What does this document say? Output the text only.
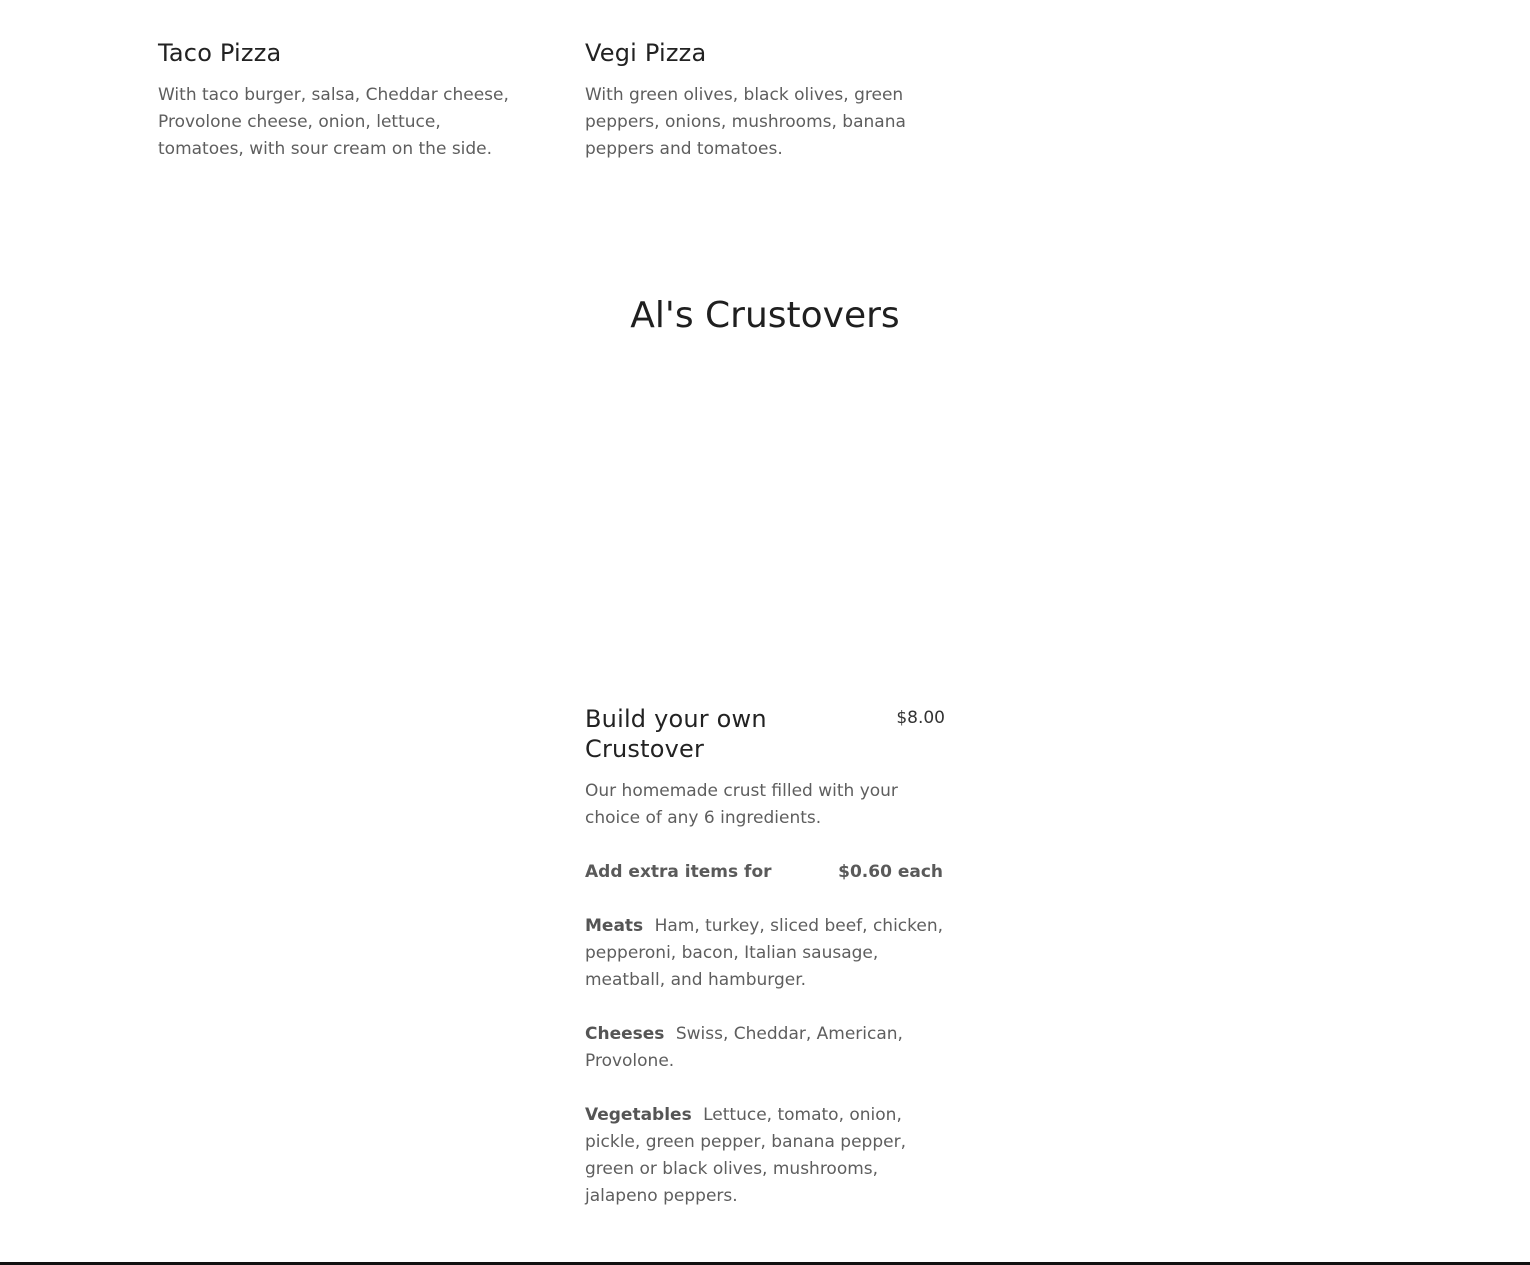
Taco Pizza

With taco burger, salsa, Cheddar cheese, Provolone cheese, onion, lettuce, tomatoes, with sour cream on the side.

Vegi Pizza

With green olives, black olives, green peppers, onions, mushrooms, banana peppers and tomatoes.

Al's Crustovers
Build your own Crustover
$8.00

Our homemade crust filled with your choice of any 6 ingredients.

Add extra items for	$0.60 each
Meats Ham, turkey, sliced beef, chicken, pepperoni, bacon, Italian sausage, meatball, and hamburger.
Cheeses Swiss, Cheddar, American, Provolone.
Vegetables Lettuce, tomato, onion, pickle, green pepper, banana pepper, green or black olives, mushrooms, jalapeno peppers.
